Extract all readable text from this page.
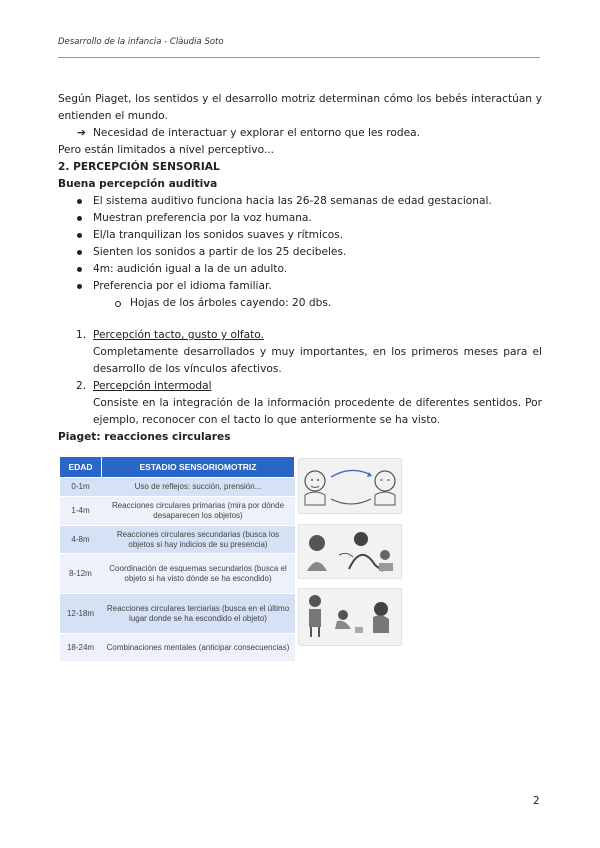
Desarrollo de la infancia - Clàudia Soto

Según Piaget, los sentidos y el desarrollo motriz determinan cómo los bebés interactúan y entienden el mundo.

➔ Necesidad de interactuar y explorar el entorno que les rodea.

Pero están limitados a nivel perceptivo...

2. PERCEPCIÓN SENSORIAL

Buena percepción auditiva

El sistema auditivo funciona hacia las 26-28 semanas de edad gestacional.
Muestran preferencia por la voz humana.
El/la tranquilizan los sonidos suaves y rítmicos.
Sienten los sonidos a partir de los 25 decibeles.
4m: audición igual a la de un adulto.
Preferencia por el idioma familiar.

Hojas de los árboles cayendo: 20 dbs.

1. Percepción tacto, gusto y olfato.

Completamente desarrollados y muy importantes, en los primeros meses para el desarrollo de los vínculos afectivos.

2. Percepción intermodal

Consiste en la integración de la información procedente de diferentes sentidos. Por ejemplo, reconocer con el tacto lo que anteriormente se ha visto.

Piaget: reacciones circulares

EDAD	ESTADIO SENSORIOMOTRIZ
0-1m	Uso de reflejos: succión, prensión...
1-4m	Reacciones circulares primarias (mira por dónde desaparecen los objetos)
4-8m	Reacciones circulares secundarias (busca los objetos si hay indicios de su presencia)
8-12m	Coordinación de esquemas secundarios (busca el objeto si ha visto dónde se ha escondido)
12-18m	Reacciones circulares terciarias (busca en el último lugar donde se ha escondido el objeto)
18-24m	Combinaciones mentales (anticipar consecuencias)
2
